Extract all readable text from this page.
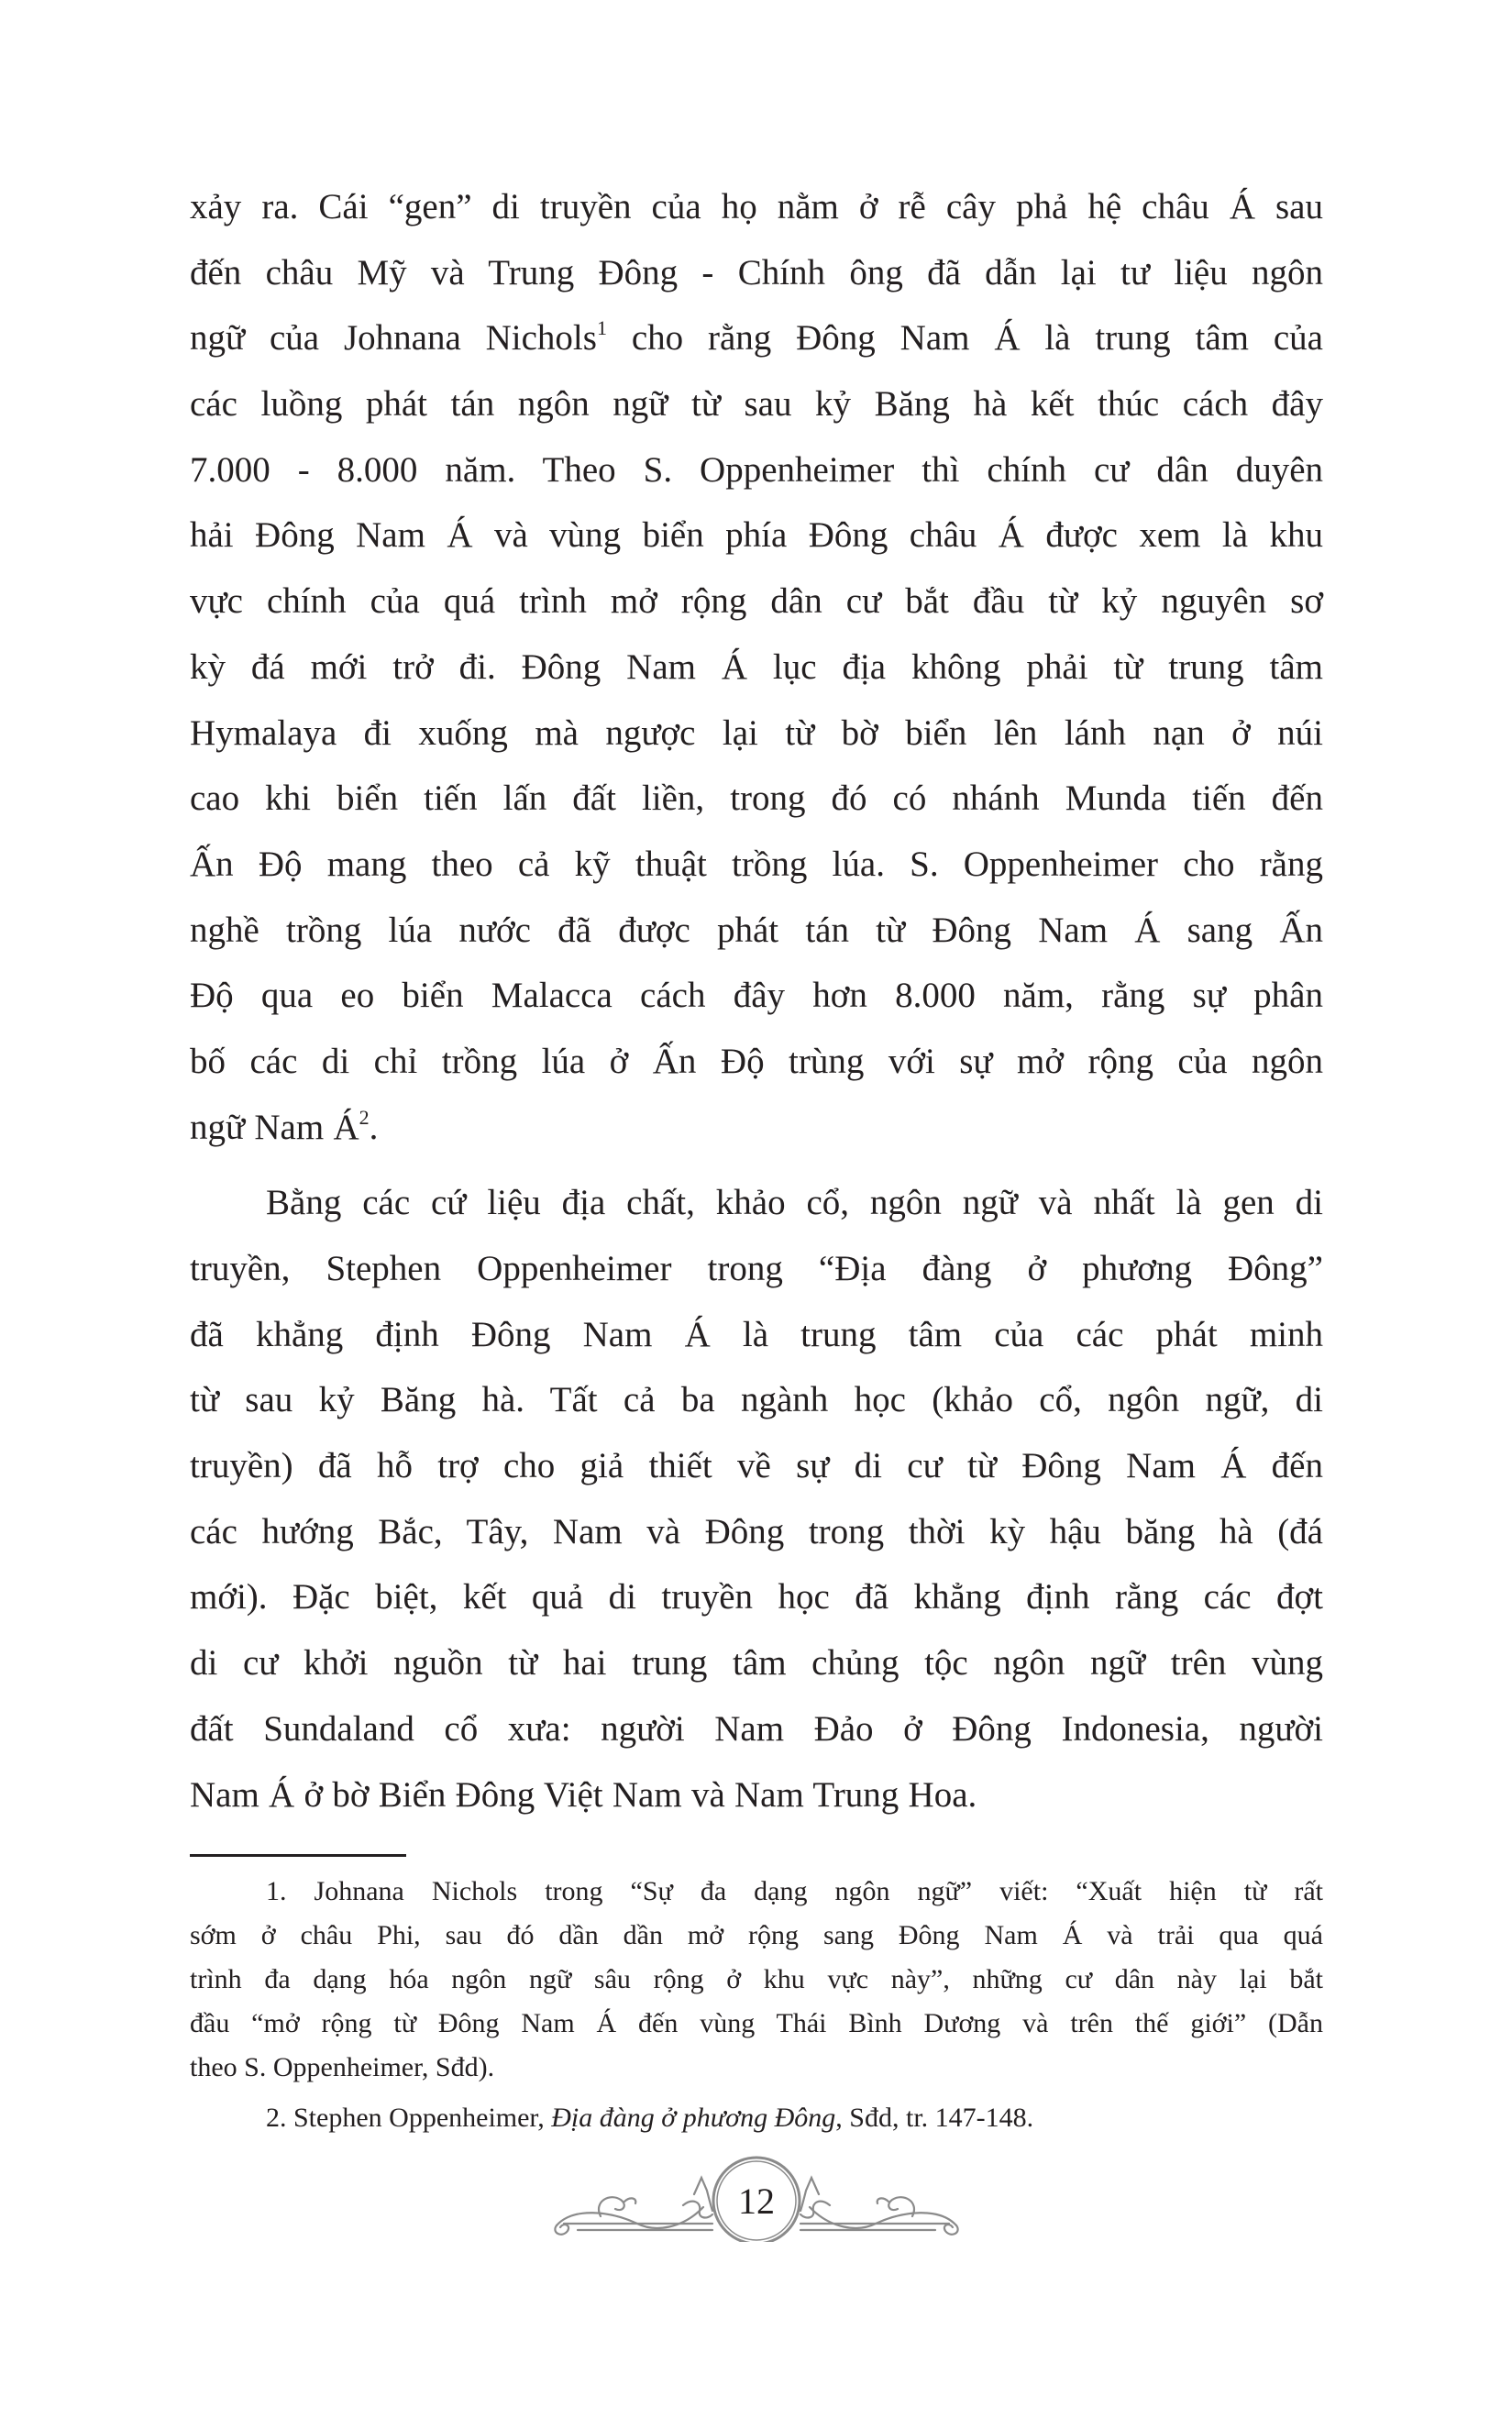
xảy ra. Cái “gen” di truyền của họ nằm ở rễ cây phả hệ châu Á sau
đến châu Mỹ và Trung Đông - Chính ông đã dẫn lại tư liệu ngôn
ngữ của Johnana Nichols$^1$ cho rằng Đông Nam Á là trung tâm của
các luồng phát tán ngôn ngữ từ sau kỷ Băng hà kết thúc cách đây
7.000 - 8.000 năm. Theo S. Oppenheimer thì chính cư dân duyên
hải Đông Nam Á và vùng biển phía Đông châu Á được xem là khu
vực chính của quá trình mở rộng dân cư bắt đầu từ kỷ nguyên sơ
kỳ đá mới trở đi. Đông Nam Á lục địa không phải từ trung tâm
Hymalaya đi xuống mà ngược lại từ bờ biển lên lánh nạn ở núi
cao khi biển tiến lấn đất liền, trong đó có nhánh Munda tiến đến
Ấn Độ mang theo cả kỹ thuật trồng lúa. S. Oppenheimer cho rằng
nghề trồng lúa nước đã được phát tán từ Đông Nam Á sang Ấn
Độ qua eo biển Malacca cách đây hơn 8.000 năm, rằng sự phân
bố các di chỉ trồng lúa ở Ấn Độ trùng với sự mở rộng của ngôn
ngữ Nam Á$^2$.

Bằng các cứ liệu địa chất, khảo cổ, ngôn ngữ và nhất là gen di
truyền, Stephen Oppenheimer trong “Địa đàng ở phương Đông”
đã khẳng định Đông Nam Á là trung tâm của các phát minh
từ sau kỷ Băng hà. Tất cả ba ngành học (khảo cổ, ngôn ngữ, di
truyền) đã hỗ trợ cho giả thiết về sự di cư từ Đông Nam Á đến
các hướng Bắc, Tây, Nam và Đông trong thời kỳ hậu băng hà (đá
mới). Đặc biệt, kết quả di truyền học đã khẳng định rằng các đợt
di cư khởi nguồn từ hai trung tâm chủng tộc ngôn ngữ trên vùng
đất Sundaland cổ xưa: người Nam Đảo ở Đông Indonesia, người
Nam Á ở bờ Biển Đông Việt Nam và Nam Trung Hoa.

1. Johnana Nichols trong “Sự đa dạng ngôn ngữ” viết: “Xuất hiện từ rất
sớm ở châu Phi, sau đó dần dần mở rộng sang Đông Nam Á và trải qua quá
trình đa dạng hóa ngôn ngữ sâu rộng ở khu vực này”, những cư dân này lại bắt
đầu “mở rộng từ Đông Nam Á đến vùng Thái Bình Dương và trên thế giới” (Dẫn
theo S. Oppenheimer, Sđd).
2. Stephen Oppenheimer, Địa đàng ở phương Đông, Sđd, tr. 147-148.
12
